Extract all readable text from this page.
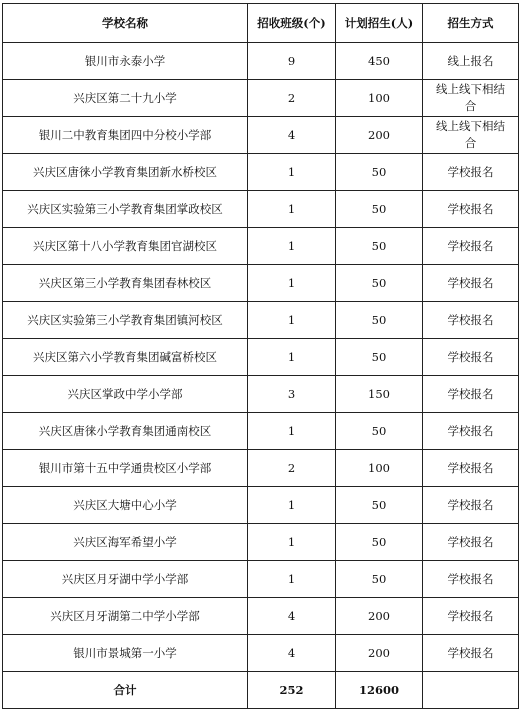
学校名称	招收班级(个)	计划招生(人)	招生方式
银川市永泰小学	9	450	线上报名
兴庆区第二十九小学	2	100	线上线下相结合
银川二中教育集团四中分校小学部	4	200	线上线下相结合
兴庆区唐徕小学教育集团新水桥校区	1	50	学校报名
兴庆区实验第三小学教育集团掌政校区	1	50	学校报名
兴庆区第十八小学教育集团官湖校区	1	50	学校报名
兴庆区第三小学教育集团春林校区	1	50	学校报名
兴庆区实验第三小学教育集团镇河校区	1	50	学校报名
兴庆区第六小学教育集团碱富桥校区	1	50	学校报名
兴庆区掌政中学小学部	3	150	学校报名
兴庆区唐徕小学教育集团通南校区	1	50	学校报名
银川市第十五中学通贵校区小学部	2	100	学校报名
兴庆区大塘中心小学	1	50	学校报名
兴庆区海军希望小学	1	50	学校报名
兴庆区月牙湖中学小学部	1	50	学校报名
兴庆区月牙湖第二中学小学部	4	200	学校报名
银川市景城第一小学	4	200	学校报名
合计	252	12600	
